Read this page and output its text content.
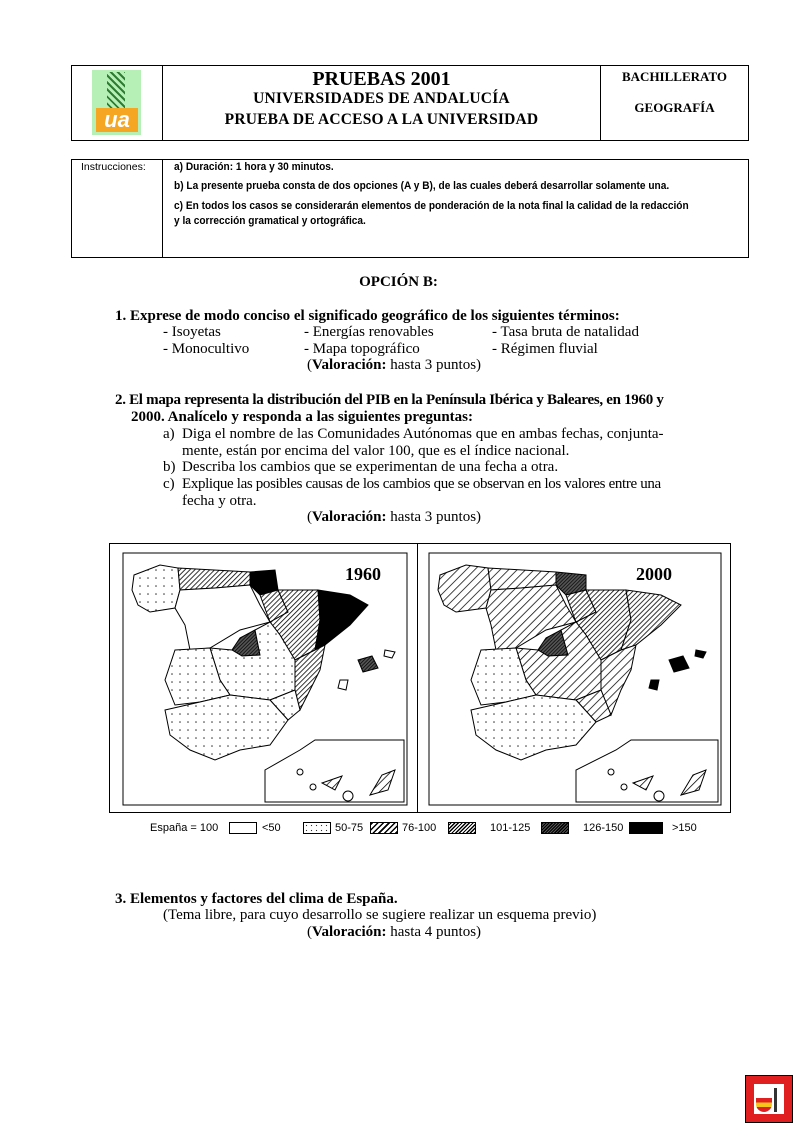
ua
PRUEBAS 2001
UNIVERSIDADES DE ANDALUCÍA
PRUEBA DE ACCESO A LA UNIVERSIDAD
BACHILLERATO
GEOGRAFÍA
Instrucciones:	a) Duración: 1 hora y 30 minutos.
b) La presente prueba consta de dos opciones (A y B), de las cuales deberá desarrollar solamente una.
c) En todos los casos se considerarán elementos de ponderación de la nota final la calidad de la redacción
y la corrección gramatical y ortográfica.
OPCIÓN B:
1. Exprese de modo conciso el significado geográfico de los siguientes términos:
- Isoyetas	- Energías renovables	- Tasa bruta de natalidad
- Monocultivo	- Mapa topográfico	- Régimen fluvial
(Valoración: hasta 3 puntos)
2. El mapa representa la distribución del PIB en la Península Ibérica y Baleares, en 1960 y
2000. Analícelo y responda a las siguientes preguntas:
a) Diga el nombre de las Comunidades Autónomas que en ambas fechas, conjunta-
mente, están por encima del valor 100, que es el índice nacional.
b) Describa los cambios que se experimentan de una fecha a otra.
c) Explique las posibles causas de los cambios que se observan en los valores entre una
fecha y otra.
(Valoración: hasta 3 puntos)
1960	2000
España = 100	<50	50-75	76-100	101-125	126-150	>150
3. Elementos y factores del clima de España.
(Tema libre, para cuyo desarrollo se sugiere realizar un esquema previo)
(Valoración: hasta 4 puntos)
